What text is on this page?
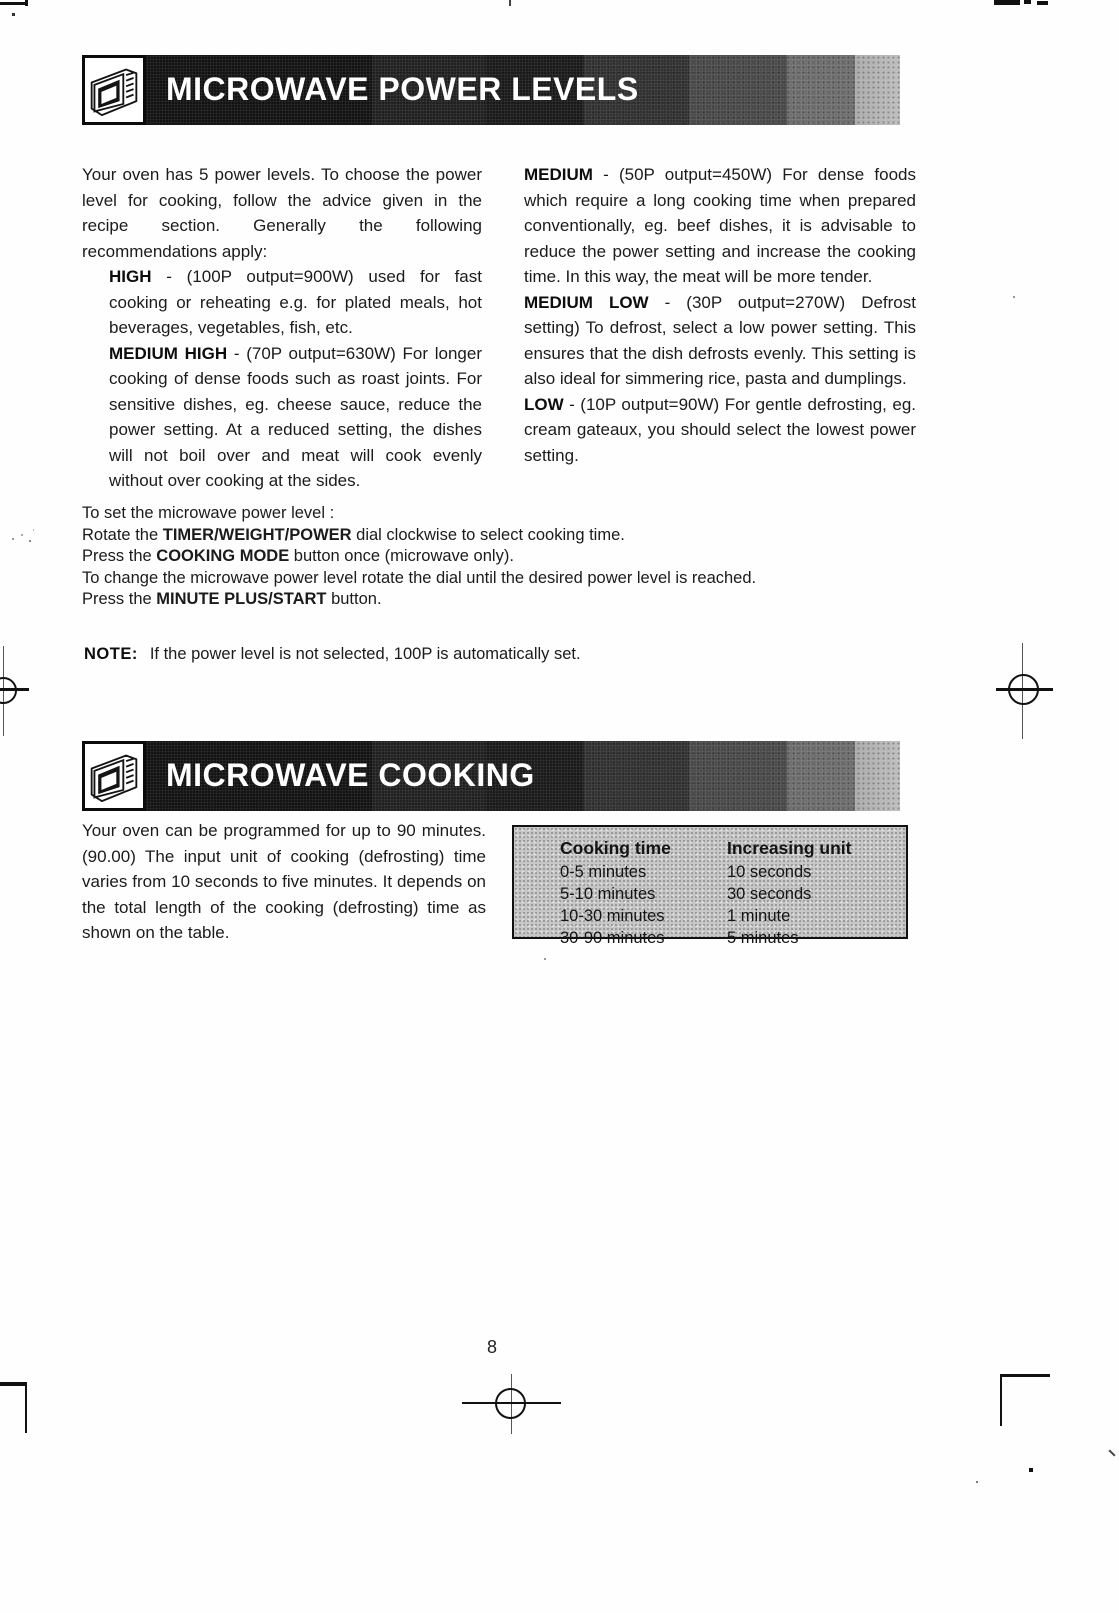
MICROWAVE POWER LEVELS

Your oven has 5 power levels. To choose the power level for cooking, follow the advice given in the recipe section. Generally the following recommendations apply:

HIGH - (100P output=900W) used for fast cooking or reheating e.g. for plated meals, hot beverages, vegetables, fish, etc.

MEDIUM HIGH - (70P output=630W) For longer cooking of dense foods such as roast joints. For sensitive dishes, eg. cheese sauce, reduce the power setting. At a reduced setting, the dishes will not boil over and meat will cook evenly without over cooking at the sides.

MEDIUM - (50P output=450W) For dense foods which require a long cooking time when prepared conventionally, eg. beef dishes, it is advisable to reduce the power setting and increase the cooking time. In this way, the meat will be more tender.

MEDIUM LOW - (30P output=270W) Defrost setting) To defrost, select a low power setting. This ensures that the dish defrosts evenly. This setting is also ideal for simmering rice, pasta and dumplings.

LOW - (10P output=90W) For gentle defrosting, eg. cream gateaux, you should select the lowest power setting.

To set the microwave power level :

Rotate the TIMER/WEIGHT/POWER dial clockwise to select cooking time.

Press the COOKING MODE button once (microwave only).

To change the microwave power level rotate the dial until the desired power level is reached.

Press the MINUTE PLUS/START button.

NOTE: If the power level is not selected, 100P is automatically set.
MICROWAVE COOKING
Your oven can be programmed for up to 90 minutes. (90.00) The input unit of cooking (defrosting) time varies from 10 seconds to five minutes. It depends on the total length of the cooking (defrosting) time as shown on the table.
Cooking time	Increasing unit
0-5 minutes	10 seconds
5-10 minutes	30 seconds
10-30 minutes	1 minute
30-90 minutes	5 minutes
8
